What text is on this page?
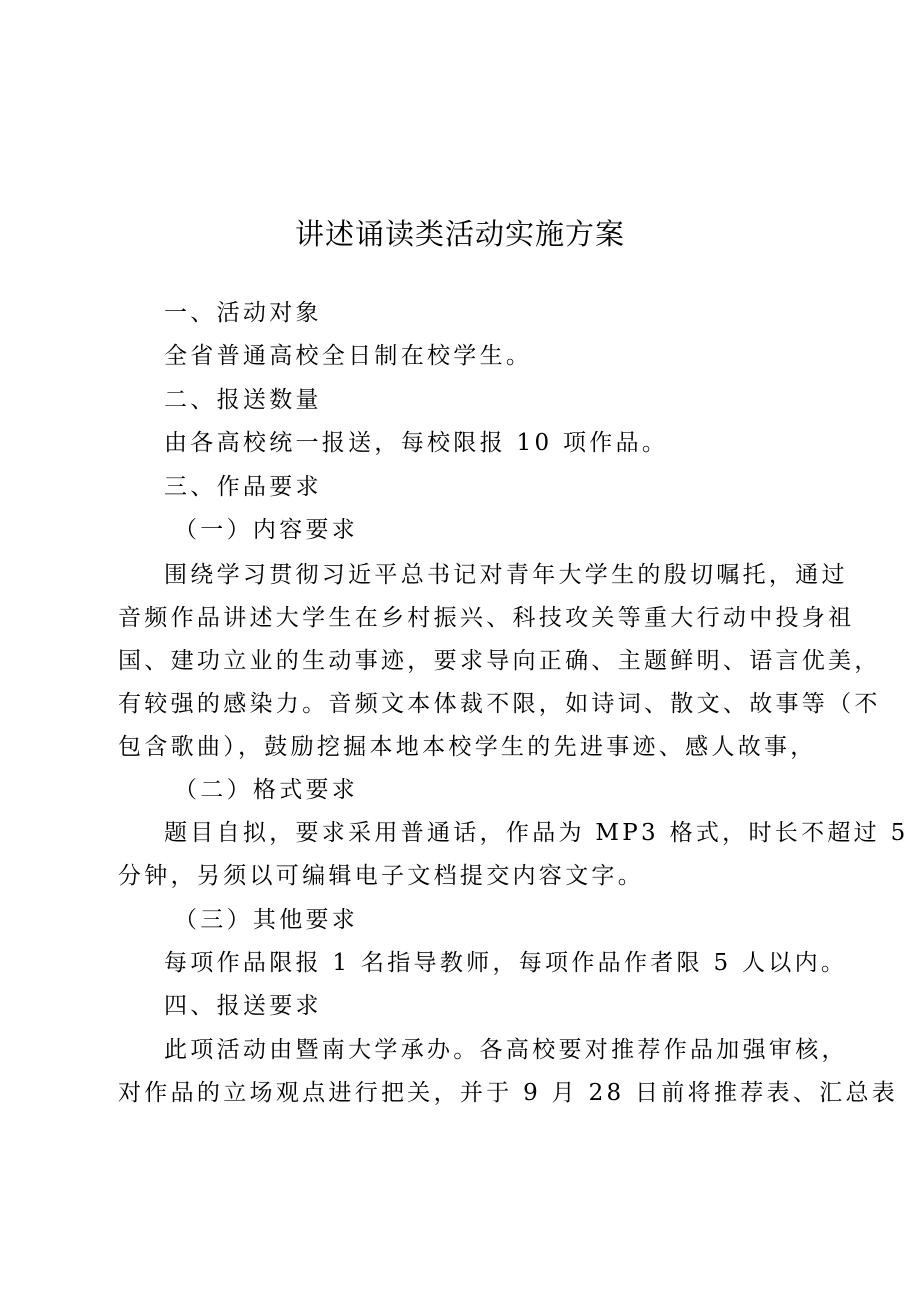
讲述诵读类活动实施方案
一、活动对象
全省普通高校全日制在校学生。
二、报送数量
由各高校统一报送，每校限报 10 项作品。
三、作品要求
（一）内容要求
围绕学习贯彻习近平总书记对青年大学生的殷切嘱托，通过
音频作品讲述大学生在乡村振兴、科技攻关等重大行动中投身祖
国、建功立业的生动事迹，要求导向正确、主题鲜明、语言优美，
有较强的感染力。音频文本体裁不限，如诗词、散文、故事等（不
包含歌曲），鼓励挖掘本地本校学生的先进事迹、感人故事，
（二）格式要求
题目自拟，要求采用普通话，作品为 MP3 格式，时长不超过 5
分钟，另须以可编辑电子文档提交内容文字。
（三）其他要求
每项作品限报 1 名指导教师，每项作品作者限 5 人以内。
四、报送要求
此项活动由暨南大学承办。各高校要对推荐作品加强审核，
对作品的立场观点进行把关，并于 9 月 28 日前将推荐表、汇总表
